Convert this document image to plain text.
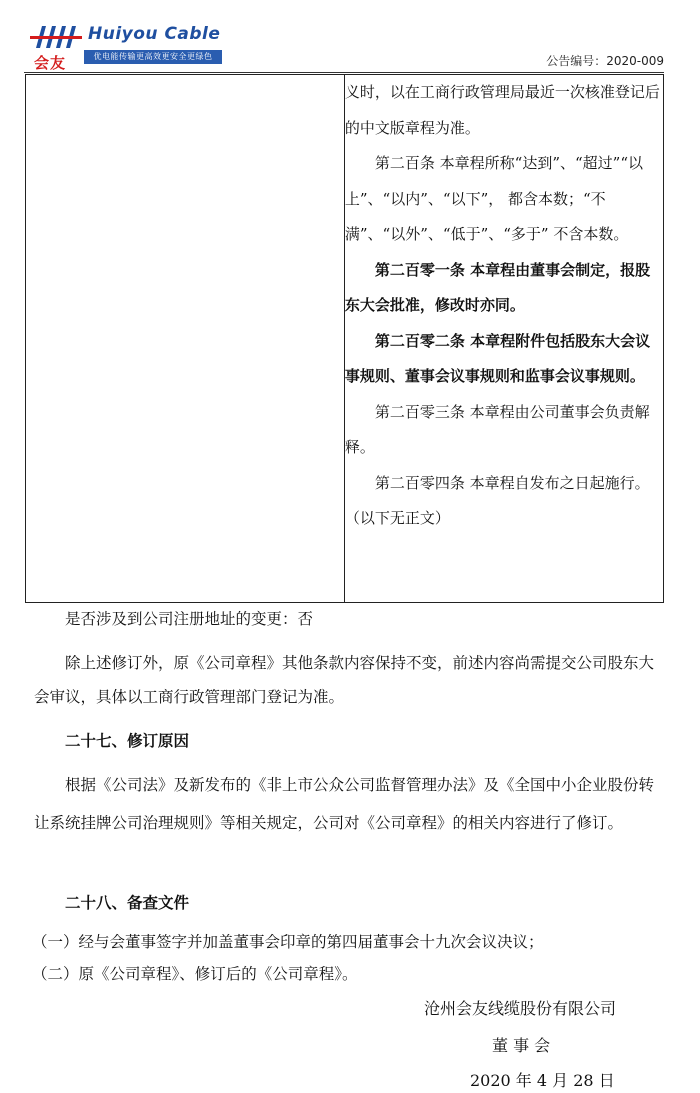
会友
Huiyou Cable
优电能传输更高效更安全更绿色	公告编号：2020-009

义时，以在工商行政管理局最近一次核准登记后的中文版章程为准。

第二百条 本章程所称“达到”、“超过”“以上”、“以内”、“以下”， 都含本数；“不满”、“以外”、“低于”、“多于” 不含本数。

第二百零一条 本章程由董事会制定，报股东大会批准，修改时亦同。

第二百零二条 本章程附件包括股东大会议事规则、董事会议事规则和监事会议事规则。

第二百零三条 本章程由公司董事会负责解释。

第二百零四条 本章程自发布之日起施行。

（以下无正文）

是否涉及到公司注册地址的变更：否

除上述修订外，原《公司章程》其他条款内容保持不变，前述内容尚需提交公司股东大会审议，具体以工商行政管理部门登记为准。

二十七、修订原因

根据《公司法》及新发布的《非上市公众公司监督管理办法》及《全国中小企业股份转让系统挂牌公司治理规则》等相关规定，公司对《公司章程》的相关内容进行了修订。

二十八、备查文件

（一）经与会董事签字并加盖董事会印章的第四届董事会十九次会议决议；

（二）原《公司章程》、修订后的《公司章程》。

沧州会友线缆股份有限公司
董 事 会
2020 年 4 月 28 日
